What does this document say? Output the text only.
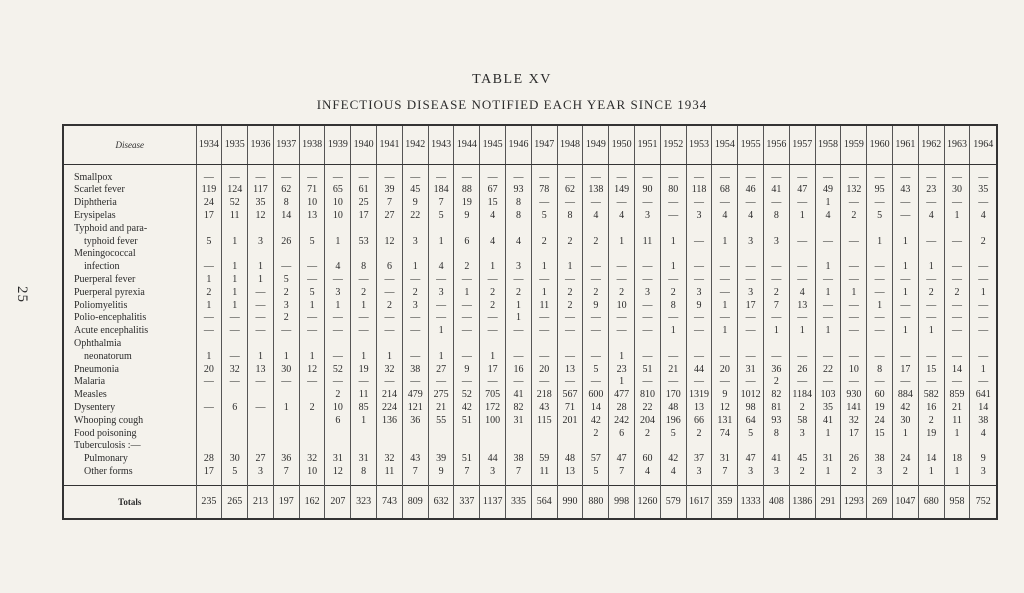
25
TABLE XV
INFECTIOUS DISEASE NOTIFIED EACH YEAR SINCE 1934
Disease	1934	1935	1936	1937	1938	1939	1940	1941	1942	1943	1944	1945	1946	1947	1948	1949	1950	1951	1952	1953	1954	1955	1956	1957	1958	1959	1960	1961	1962	1963	1964

Smallpox	—	—	—	—	—	—	—	—	—	—	—	—	—	—	—	—	—	—	—	—	—	—	—	—	—	—	—	—	—	—	—
Scarlet fever	119	124	117	62	71	65	61	39	45	184	88	67	93	78	62	138	149	90	80	118	68	46	41	47	49	132	95	43	23	30	35
Diphtheria	24	52	35	8	10	10	25	7	9	7	19	15	8	—	—	—	—	—	—	—	—	—	—	—	1	—	—	—	—	—	—
Erysipelas	17	11	12	14	13	10	17	27	22	5	9	4	8	5	8	4	4	3	—	3	4	4	8	1	4	2	5	—	4	1	4
Typhoid and para-																															
typhoid fever	5	1	3	26	5	1	53	12	3	1	6	4	4	2	2	2	1	11	1	—	1	3	3	—	—	—	1	1	—	—	2
Meningococcal																															
infection	—	1	1	—	—	4	8	6	1	4	2	1	3	1	1	—	—	—	1	—	—	—	—	—	1	—	—	1	1	—	—
Puerperal fever	1	1	1	5	—	—	—	—	—	—	—	—	—	—	—	—	—	—	—	—	—	—	—	—	—	—	—	—	—	—	—
Puerperal pyrexia	2	1	—	2	5	3	2	—	2	3	1	2	2	1	2	2	2	3	2	3	—	3	2	4	1	1	—	1	2	2	1
Poliomyelitis	1	1	—	3	1	1	1	2	3	—	—	2	1	11	2	9	10	—	8	9	1	17	7	13	—	—	1	—	—	—	—
Polio-encephalitis	—	—	—	2	—	—	—	—	—	—	—	—	1	—	—	—	—	—	—	—	—	—	—	—	—	—	—	—	—	—	—
Acute encephalitis	—	—	—	—	—	—	—	—	—	1	—	—	—	—	—	—	—	—	1	—	1	—	1	1	1	—	—	1	1	—	—
Ophthalmia																															
neonatorum	1	—	1	1	1	—	1	1	—	1	—	1	—	—	—	—	1	—	—	—	—	—	—	—	—	—	—	—	—	—	—
Pneumonia	20	32	13	30	12	52	19	32	38	27	9	17	16	20	13	5	23	51	21	44	20	31	36	26	22	10	8	17	15	14	1
Malaria	—	—	—	—	—	—	—	—	—	—	—	—	—	—	—	—	1	—	—	—	—	—	2	—	—	—	—	—	—	—	—
Measles						2	11	214	479	275	52	705	41	218	567	600	477	810	170	1319	9	1012	82	1184	103	930	60	884	582	859	641
Dysentery	—	6	—	1	2	10	85	224	121	21	42	172	82	43	71	14	28	22	48	13	12	98	81	2	35	141	19	42	16	21	14
Whooping cough						6	1	136	36	55	51	100	31	115	201	42	242	204	196	66	131	64	93	58	41	32	24	30	2	11	38
Food poisoning																2	6	2	5	2	74	5	8	3	1	17	15	1	19	1	4
Tuberculosis :—																															
Pulmonary	28	30	27	36	32	31	31	32	43	39	51	44	38	59	48	57	47	60	42	37	31	47	41	45	31	26	38	24	14	18	9
Other forms	17	5	3	7	10	12	8	11	7	9	7	3	7	11	13	5	7	4	4	3	7	3	3	2	1	2	3	2	1	1	3

Totals	235	265	213	197	162	207	323	743	809	632	337	1137	335	564	990	880	998	1260	579	1617	359	1333	408	1386	291	1293	269	1047	680	958	752
